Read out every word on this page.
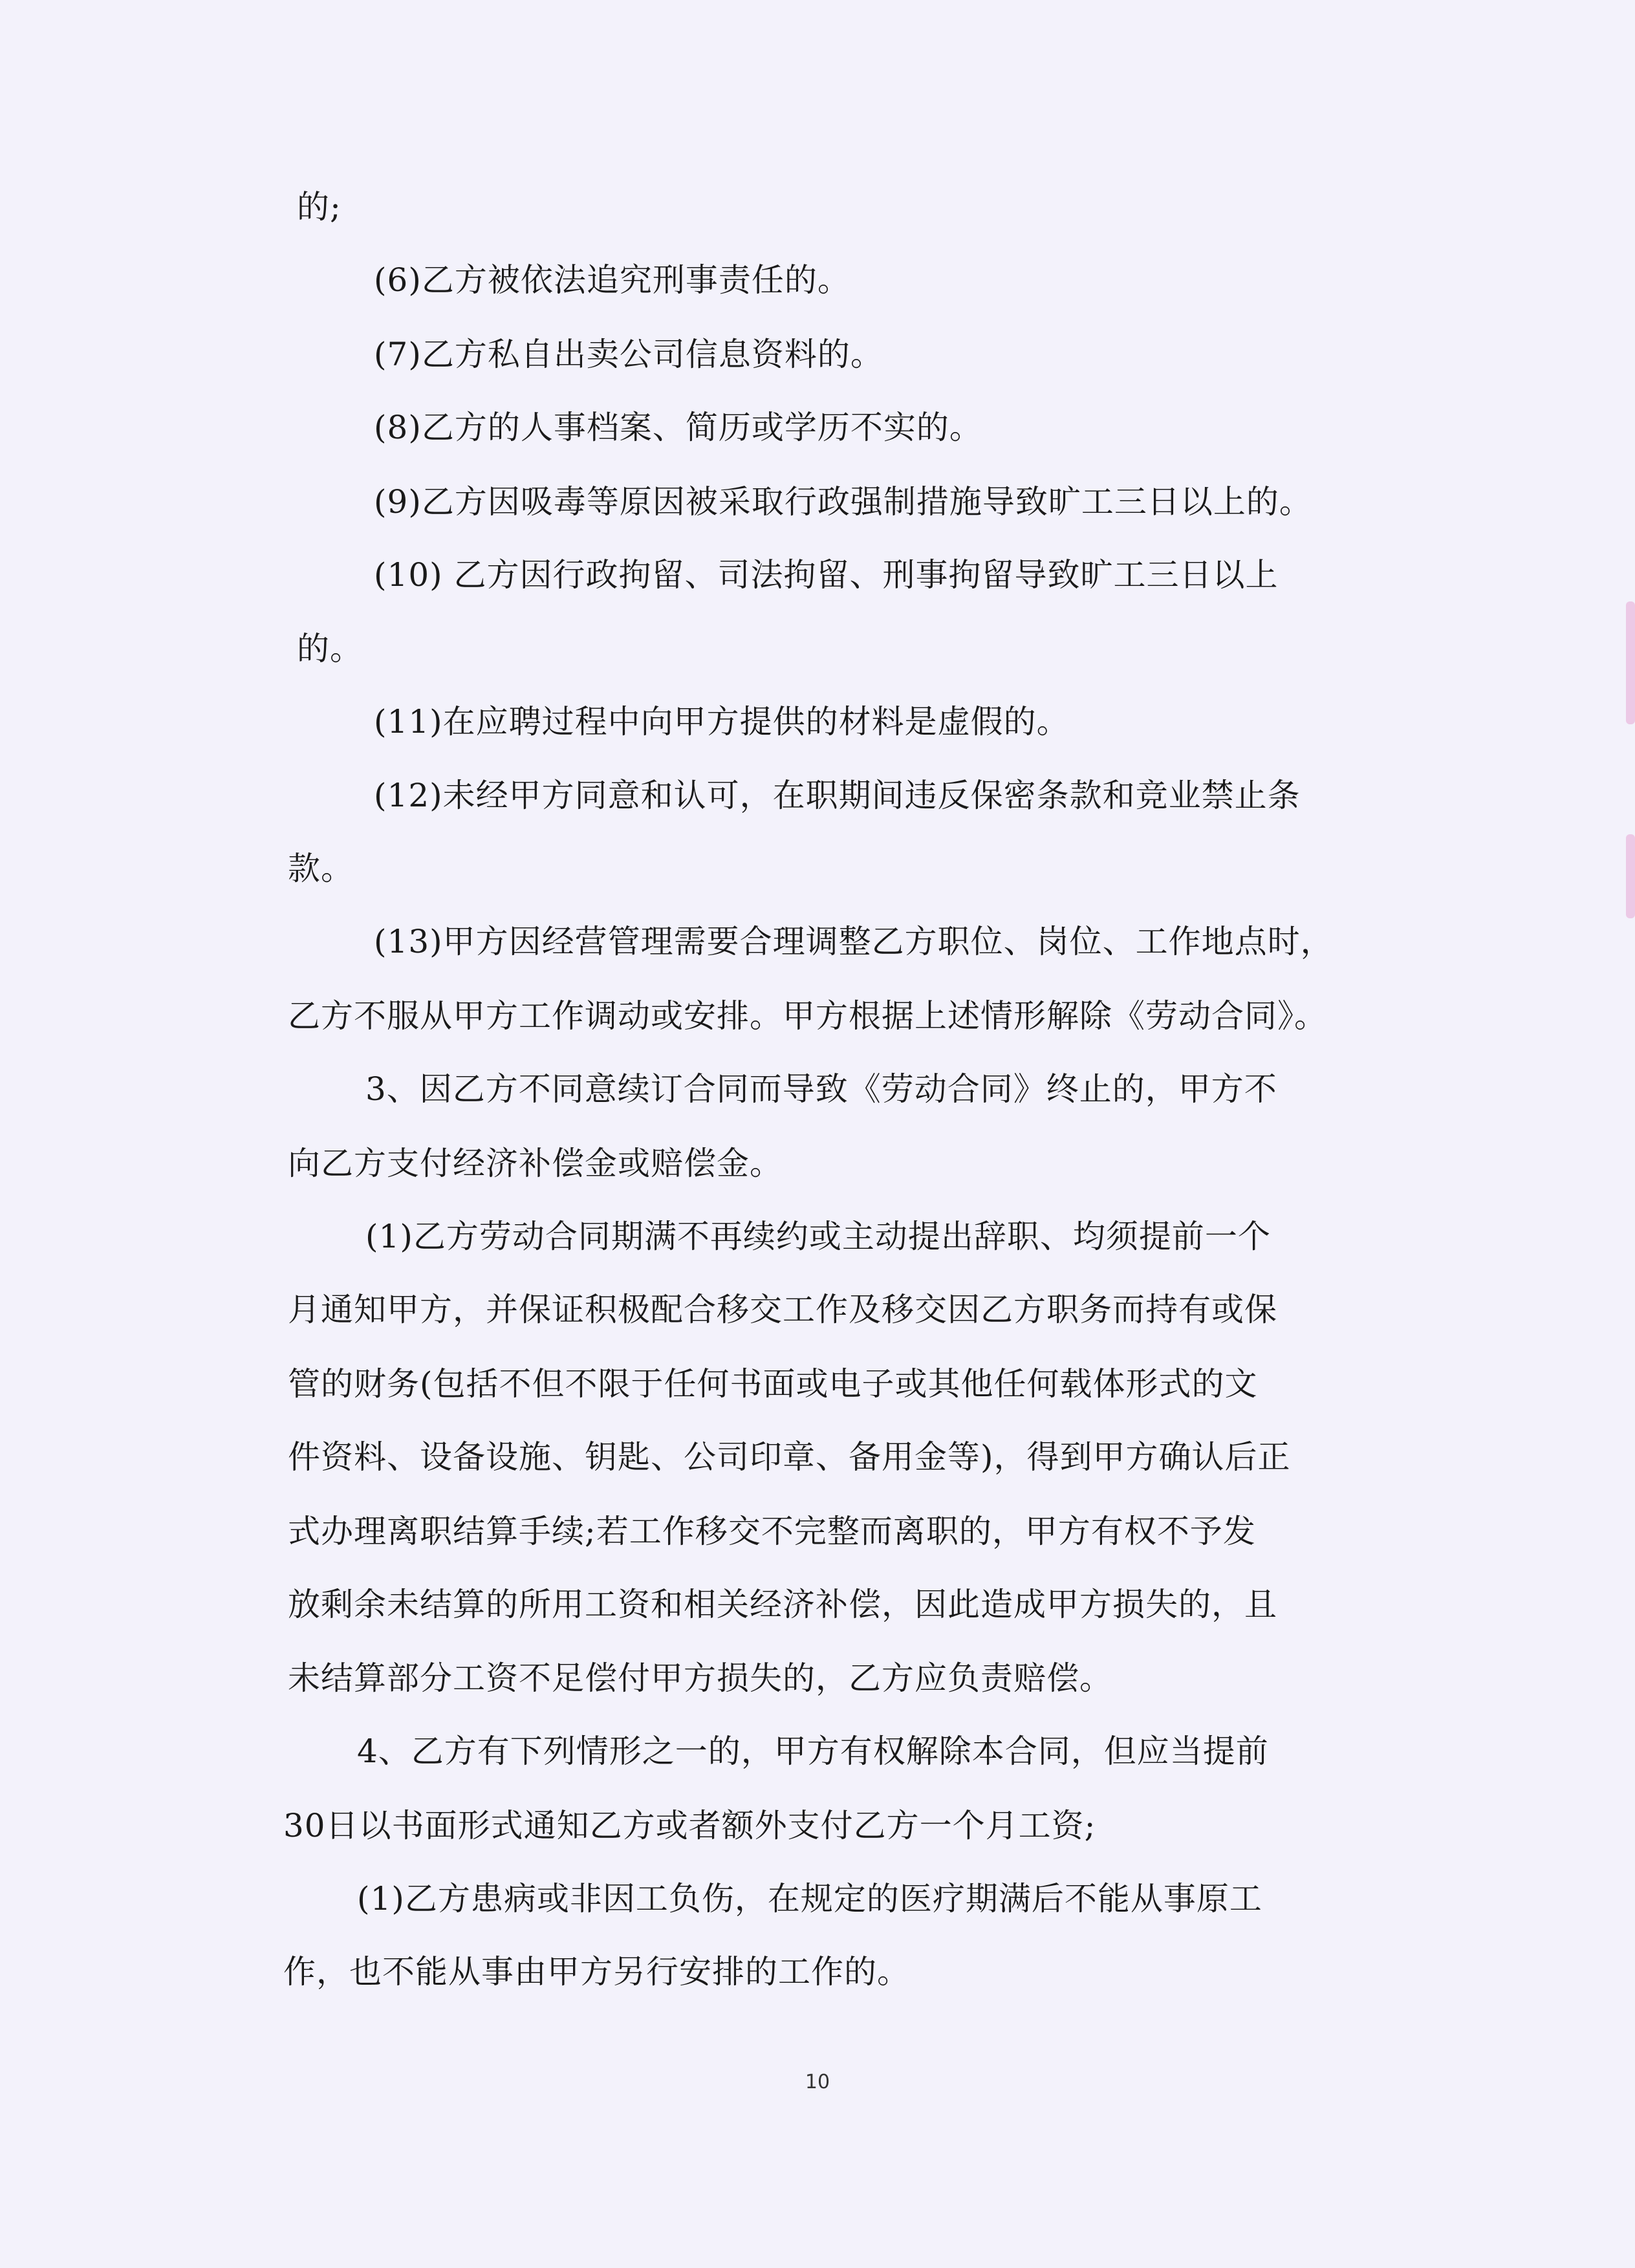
的;
(6)乙方被依法追究刑事责任的。
(7)乙方私自出卖公司信息资料的。
(8)乙方的人事档案、简历或学历不实的。
(9)乙方因吸毒等原因被采取行政强制措施导致旷工三日以上的。
(10) 乙方因行政拘留、司法拘留、刑事拘留导致旷工三日以上
的。
(11)在应聘过程中向甲方提供的材料是虚假的。
(12)未经甲方同意和认可，在职期间违反保密条款和竞业禁止条
款。
(13)甲方因经营管理需要合理调整乙方职位、岗位、工作地点时，
乙方不服从甲方工作调动或安排。甲方根据上述情形解除《劳动合同》。
3、因乙方不同意续订合同而导致《劳动合同》终止的，甲方不
向乙方支付经济补偿金或赔偿金。
(1)乙方劳动合同期满不再续约或主动提出辞职、均须提前一个
月通知甲方，并保证积极配合移交工作及移交因乙方职务而持有或保
管的财务(包括不但不限于任何书面或电子或其他任何载体形式的文
件资料、设备设施、钥匙、公司印章、备用金等)，得到甲方确认后正
式办理离职结算手续;若工作移交不完整而离职的，甲方有权不予发
放剩余未结算的所用工资和相关经济补偿，因此造成甲方损失的，且
未结算部分工资不足偿付甲方损失的，乙方应负责赔偿。
4、乙方有下列情形之一的，甲方有权解除本合同，但应当提前
30日以书面形式通知乙方或者额外支付乙方一个月工资;
(1)乙方患病或非因工负伤，在规定的医疗期满后不能从事原工
作，也不能从事由甲方另行安排的工作的。
10
